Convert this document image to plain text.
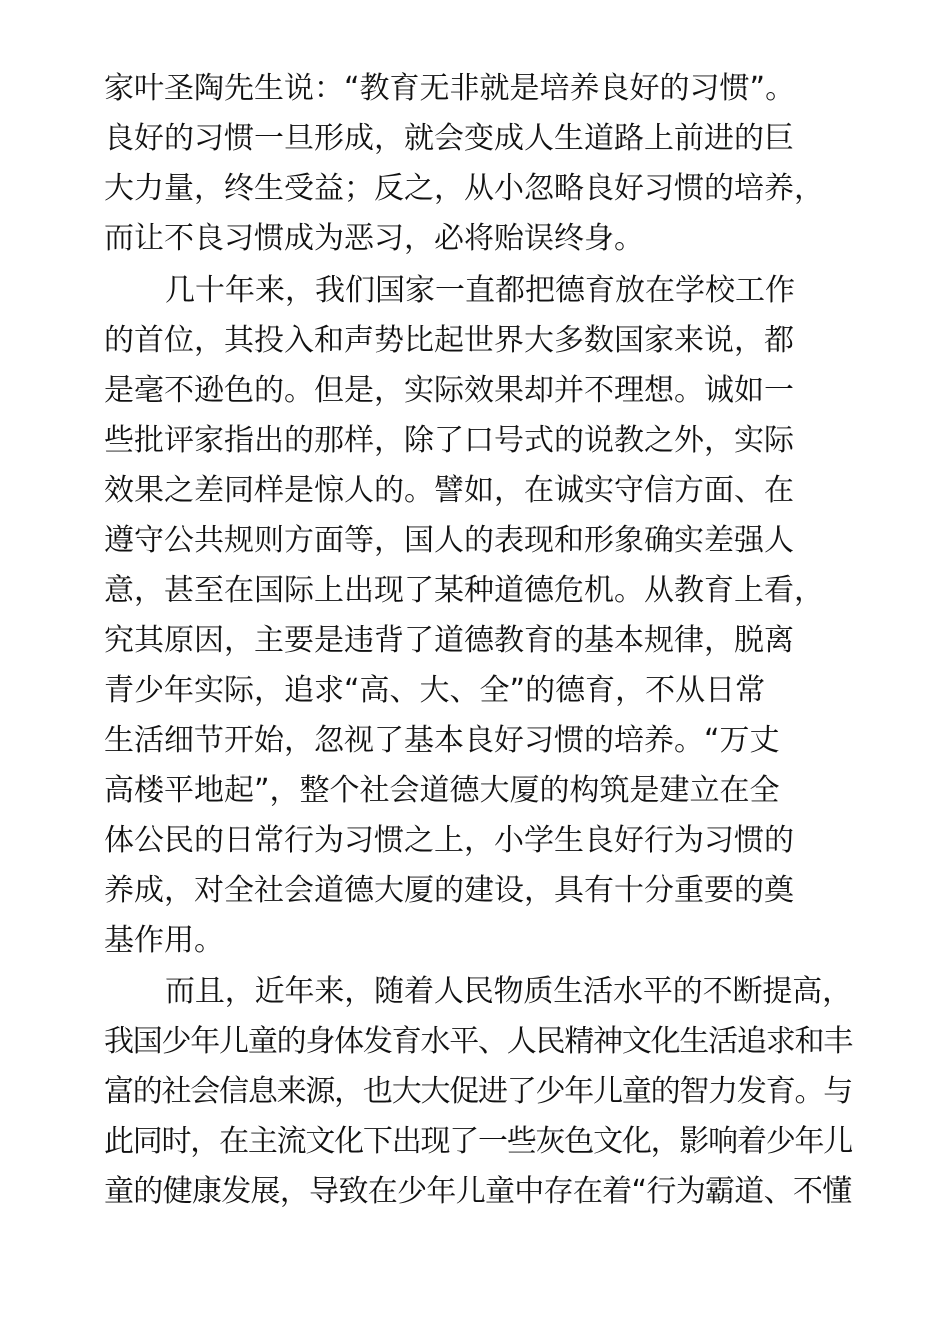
家叶圣陶先生说：“教育无非就是培养良好的习惯”。
良好的习惯一旦形成，就会变成人生道路上前进的巨
大力量，终生受益；反之，从小忽略良好习惯的培养，
而让不良习惯成为恶习，必将贻误终身。
几十年来，我们国家一直都把德育放在学校工作
的首位，其投入和声势比起世界大多数国家来说，都
是毫不逊色的。但是，实际效果却并不理想。诚如一
些批评家指出的那样，除了口号式的说教之外，实际
效果之差同样是惊人的。譬如，在诚实守信方面、在
遵守公共规则方面等，国人的表现和形象确实差强人
意，甚至在国际上出现了某种道德危机。从教育上看，
究其原因，主要是违背了道德教育的基本规律，脱离
青少年实际，追求“高、大、全”的德育，不从日常
生活细节开始，忽视了基本良好习惯的培养。“万丈
高楼平地起”，整个社会道德大厦的构筑是建立在全
体公民的日常行为习惯之上，小学生良好行为习惯的
养成，对全社会道德大厦的建设，具有十分重要的奠
基作用。
而且，近年来，随着人民物质生活水平的不断提高，
我国少年儿童的身体发育水平、人民精神文化生活追求和丰
富的社会信息来源，也大大促进了少年儿童的智力发育。与
此同时，在主流文化下出现了一些灰色文化，影响着少年儿
童的健康发展，导致在少年儿童中存在着“行为霸道、不懂
